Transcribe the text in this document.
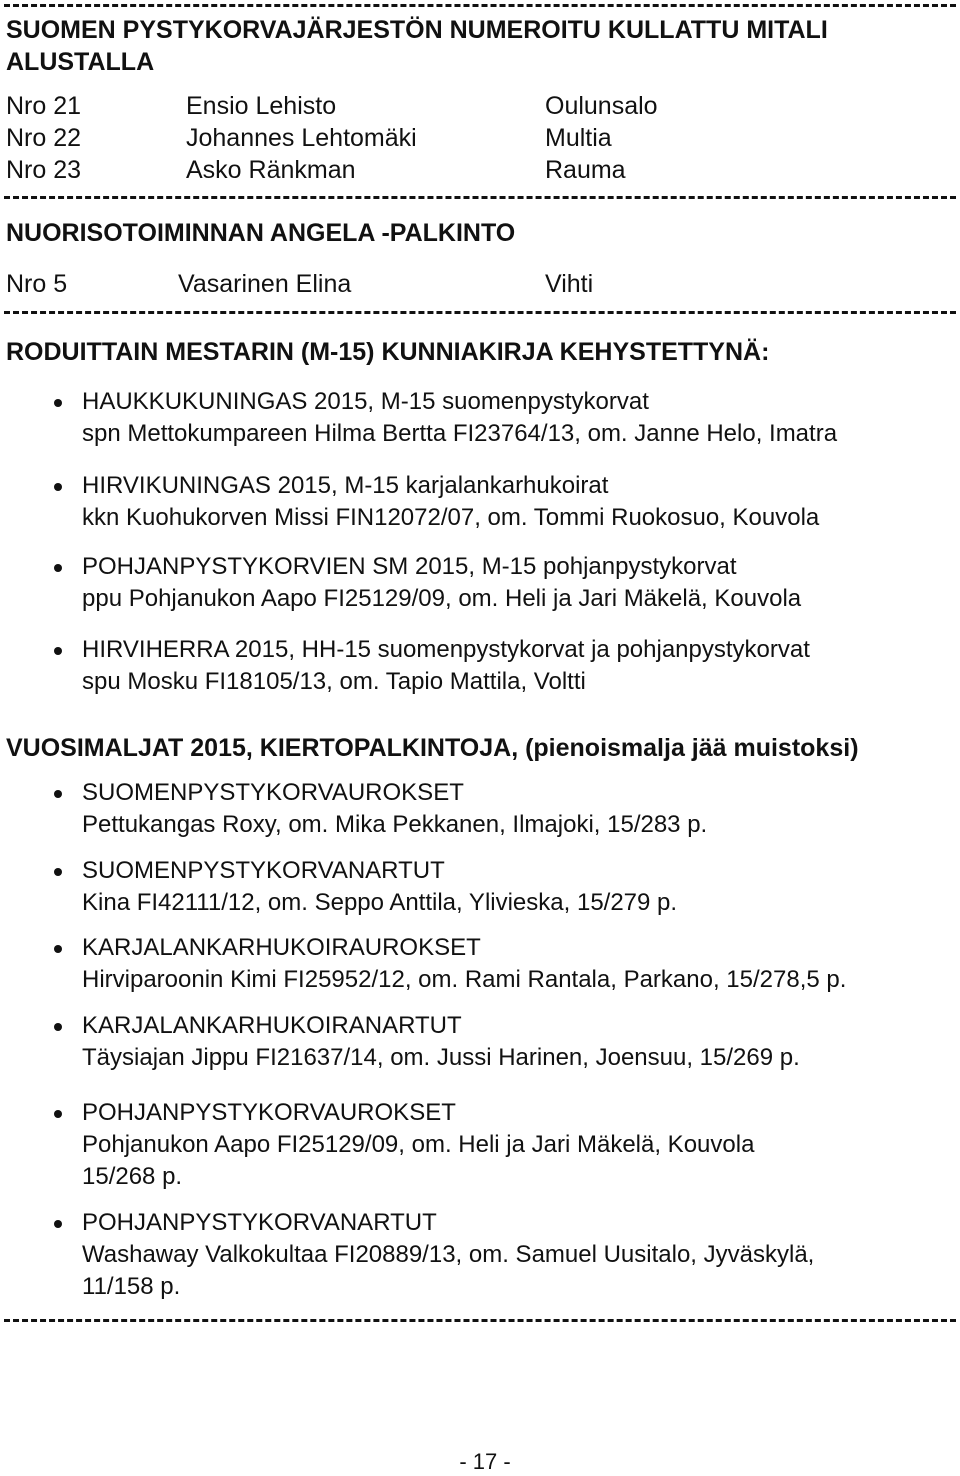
SUOMEN PYSTYKORVAJÄRJESTÖN NUMEROITU KULLATTU MITALI
ALUSTALLA
Nro 21	Ensio Lehisto	Oulunsalo
Nro 22	Johannes Lehtomäki	Multia
Nro 23	Asko Ränkman	Rauma
NUORISOTOIMINNAN ANGELA -PALKINTO
Nro 5	Vasarinen Elina	Vihti
RODUITTAIN MESTARIN (M-15) KUNNIAKIRJA KEHYSTETTYNÄ:
HAUKKUKUNINGAS 2015, M-15 suomenpystykorvat
spn Mettokumpareen Hilma Bertta FI23764/13, om. Janne Helo, Imatra
HIRVIKUNINGAS 2015, M-15 karjalankarhukoirat
kkn Kuohukorven Missi FIN12072/07, om. Tommi Ruokosuo, Kouvola
POHJANPYSTYKORVIEN SM 2015, M-15 pohjanpystykorvat
ppu Pohjanukon Aapo FI25129/09, om. Heli ja Jari Mäkelä, Kouvola
HIRVIHERRA 2015, HH-15 suomenpystykorvat ja pohjanpystykorvat
spu Mosku FI18105/13, om. Tapio Mattila, Voltti
VUOSIMALJAT 2015, KIERTOPALKINTOJA, (pienoismalja jää muistoksi)
SUOMENPYSTYKORVAUROKSET
Pettukangas Roxy, om. Mika Pekkanen, Ilmajoki, 15/283 p.
SUOMENPYSTYKORVANARTUT
Kina FI42111/12, om. Seppo Anttila, Ylivieska, 15/279 p.
KARJALANKARHUKOIRAUROKSET
Hirviparoonin Kimi FI25952/12, om. Rami Rantala, Parkano, 15/278,5 p.
KARJALANKARHUKOIRANARTUT
Täysiajan Jippu FI21637/14, om. Jussi Harinen, Joensuu, 15/269 p.
POHJANPYSTYKORVAUROKSET
Pohjanukon Aapo FI25129/09, om. Heli ja Jari Mäkelä, Kouvola
15/268 p.
POHJANPYSTYKORVANARTUT
Washaway Valkokultaa FI20889/13, om. Samuel Uusitalo, Jyväskylä,
11/158 p.
- 17 -
